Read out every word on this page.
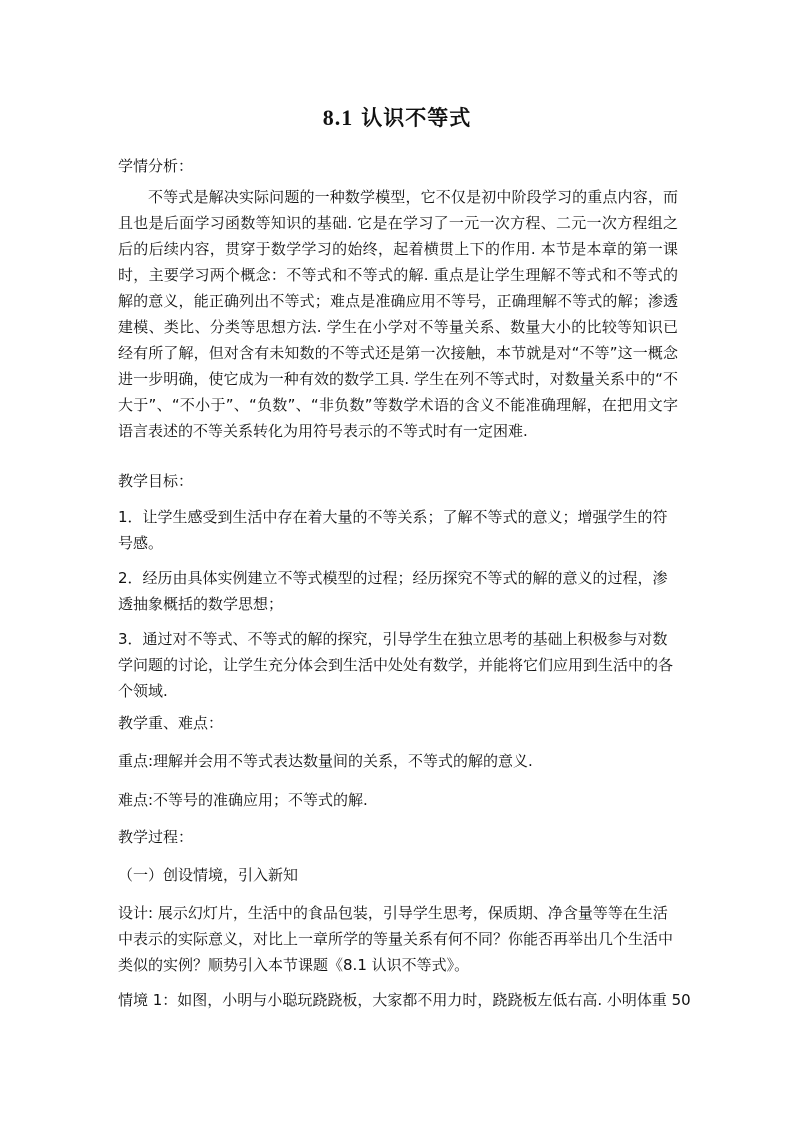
8.1 认识不等式

学情分析：

不等式是解决实际问题的一种数学模型，它不仅是初中阶段学习的重点内容，而且也是后面学习函数等知识的基础. 它是在学习了一元一次方程、二元一次方程组之后的后续内容，贯穿于数学学习的始终，起着横贯上下的作用. 本节是本章的第一课时，主要学习两个概念：不等式和不等式的解. 重点是让学生理解不等式和不等式的解的意义，能正确列出不等式；难点是准确应用不等号，正确理解不等式的解；渗透建模、类比、分类等思想方法. 学生在小学对不等量关系、数量大小的比较等知识已经有所了解，但对含有未知数的不等式还是第一次接触，本节就是对“不等”这一概念进一步明确，使它成为一种有效的数学工具. 学生在列不等式时，对数量关系中的“不大于”、“不小于”、“负数”、“非负数”等数学术语的含义不能准确理解，在把用文字语言表述的不等关系转化为用符号表示的不等式时有一定困难.

教学目标：

1．让学生感受到生活中存在着大量的不等关系；了解不等式的意义；增强学生的符号感。

2．经历由具体实例建立不等式模型的过程；经历探究不等式的解的意义的过程，渗透抽象概括的数学思想；

3．通过对不等式、不等式的解的探究，引导学生在独立思考的基础上积极参与对数学问题的讨论，让学生充分体会到生活中处处有数学，并能将它们应用到生活中的各个领域.

教学重、难点：

重点:理解并会用不等式表达数量间的关系，不等式的解的意义.

难点:不等号的准确应用；不等式的解.

教学过程：

（一）创设情境，引入新知

设计: 展示幻灯片，生活中的食品包装，引导学生思考，保质期、净含量等等在生活中表示的实际意义，对比上一章所学的等量关系有何不同？你能否再举出几个生活中类似的实例？顺势引入本节课题《8.1 认识不等式》。

情境 1：如图，小明与小聪玩跷跷板，大家都不用力时，跷跷板左低右高. 小明体重 50
